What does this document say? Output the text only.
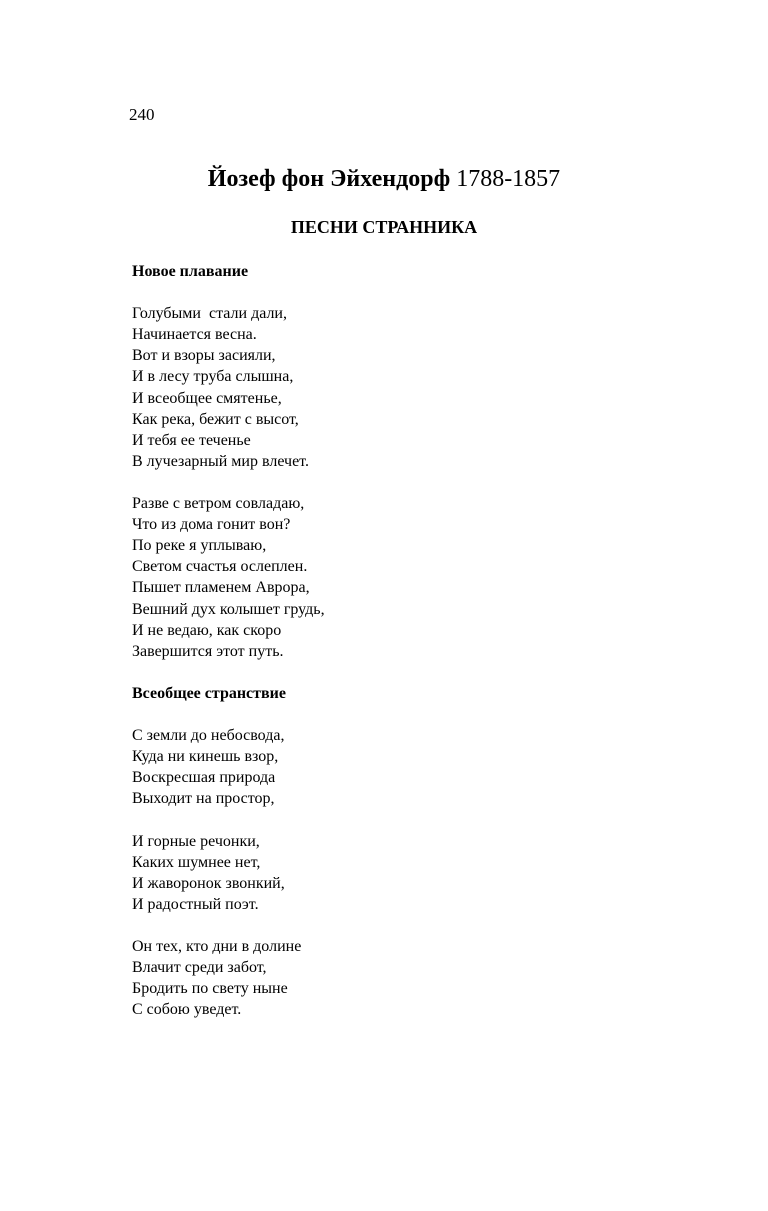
240
Йозеф фон Эйхендорф 1788-1857
ПЕСНИ СТРАННИКА
Новое плавание
Голубыми  стали дали,
Начинается весна.
Вот и взоры засияли,
И в лесу труба слышна,
И всеобщее смятенье,
Как река, бежит с высот,
И тебя ее теченье
В лучезарный мир влечет.
Разве с ветром совладаю,
Что из дома гонит вон?
По реке я уплываю,
Светом счастья ослеплен.
Пышет пламенем Аврора,
Вешний дух колышет грудь,
И не ведаю, как скоро
Завершится этот путь.
Всеобщее странствие
С земли до небосвода,
Куда ни кинешь взор,
Воскресшая природа
Выходит на простор,
И горные речонки,
Каких шумнее нет,
И жаворонок звонкий,
И радостный поэт.
Он тех, кто дни в долине
Влачит среди забот,
Бродить по свету ныне
С собою уведет.
